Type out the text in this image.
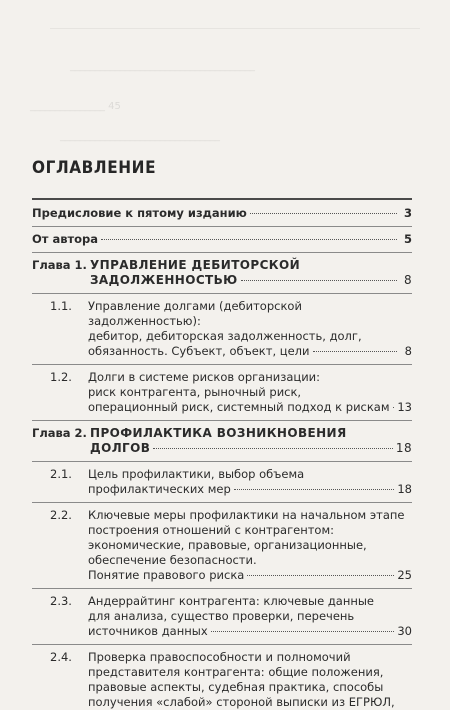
_____________________________________
_______________ 45
________________________________
ОГЛАВЛЕНИЕ
Предисловие к пятому изданию	3
От автора	5
Глава 1. УПРАВЛЕНИЕ ДЕБИТОРСКОЙ
ЗАДОЛЖЕННОСТЬЮ	8
1.1. Управление долгами (дебиторской задолженностью):
дебитор, дебиторская задолженность, долг,
обязанность. Субъект, объект, цели	8
1.2. Долги в системе рисков организации:
риск контрагента, рыночный риск,
операционный риск, системный подход к рискам 13
Глава 2. ПРОФИЛАКТИКА ВОЗНИКНОВЕНИЯ
ДОЛГОВ	18
2.1. Цель профилактики, выбор объема
профилактических мер	18
2.2. Ключевые меры профилактики на начальном этапе
построения отношений с контрагентом:
экономические, правовые, организационные,
обеспечение безопасности.
Понятие правового риска	25
2.3. Андеррайтинг контрагента: ключевые данные
для анализа, существо проверки, перечень
источников данных	30
2.4. Проверка правоспособности и полномочий
представителя контрагента: общие положения,
правовые аспекты, судебная практика, способы
получения «слабой» стороной выписки из ЕГРЮЛ,
